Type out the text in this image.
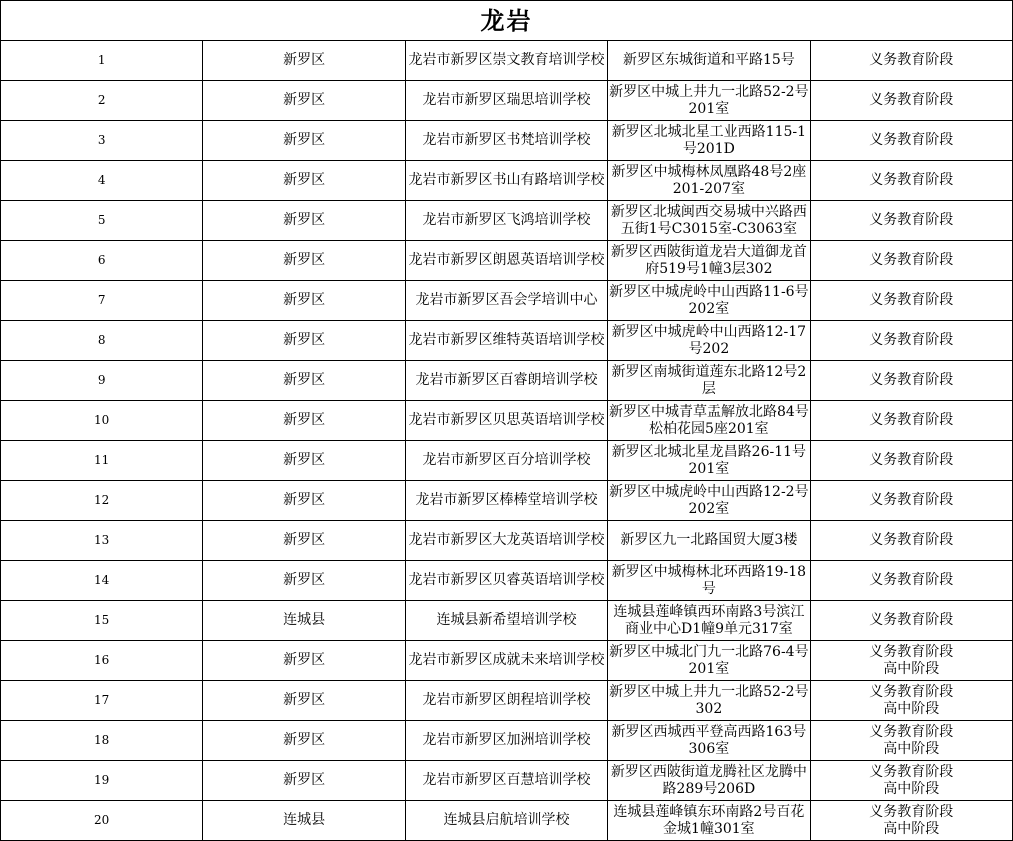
龙岩				
1	新罗区	龙岩市新罗区崇文教育培训学校	新罗区东城街道和平路15号	义务教育阶段

2	新罗区	龙岩市新罗区瑞思培训学校	新罗区中城上井九一北路52-2号201室	义务教育阶段

3	新罗区	龙岩市新罗区书梵培训学校	新罗区北城北星工业西路115-1号201D	义务教育阶段

4	新罗区	龙岩市新罗区书山有路培训学校	新罗区中城梅林凤凰路48号2座201-207室	义务教育阶段

5	新罗区	龙岩市新罗区飞鸿培训学校	新罗区北城闽西交易城中兴路西五街1号C3015室-C3063室	义务教育阶段

6	新罗区	龙岩市新罗区朗恩英语培训学校	新罗区西陂街道龙岩大道御龙首府519号1幢3层302	义务教育阶段

7	新罗区	龙岩市新罗区吾会学培训中心	新罗区中城虎岭中山西路11-6号202室	义务教育阶段

8	新罗区	龙岩市新罗区维特英语培训学校	新罗区中城虎岭中山西路12-17号202	义务教育阶段

9	新罗区	龙岩市新罗区百睿朗培训学校	新罗区南城街道莲东北路12号2层	义务教育阶段

10	新罗区	龙岩市新罗区贝思英语培训学校	新罗区中城青草盂解放北路84号松柏花园5座201室	义务教育阶段

11	新罗区	龙岩市新罗区百分培训学校	新罗区北城北星龙昌路26-11号201室	义务教育阶段

12	新罗区	龙岩市新罗区棒棒堂培训学校	新罗区中城虎岭中山西路12-2号202室	义务教育阶段

13	新罗区	龙岩市新罗区大龙英语培训学校	新罗区九一北路国贸大厦3楼	义务教育阶段

14	新罗区	龙岩市新罗区贝睿英语培训学校	新罗区中城梅林北环西路19-18号	义务教育阶段

15	连城县	连城县新希望培训学校	连城县莲峰镇西环南路3号滨江商业中心D1幢9单元317室	义务教育阶段

16	新罗区	龙岩市新罗区成就未来培训学校	新罗区中城北门九一北路76-4号201室	义务教育阶段
高中阶段

17	新罗区	龙岩市新罗区朗程培训学校	新罗区中城上井九一北路52-2号302	义务教育阶段
高中阶段

18	新罗区	龙岩市新罗区加洲培训学校	新罗区西城西平登高西路163号306室	义务教育阶段
高中阶段

19	新罗区	龙岩市新罗区百慧培训学校	新罗区西陂街道龙腾社区龙腾中路289号206D	义务教育阶段
高中阶段

20	连城县	连城县启航培训学校	连城县莲峰镇东环南路2号百花金城1幢301室	义务教育阶段
高中阶段
